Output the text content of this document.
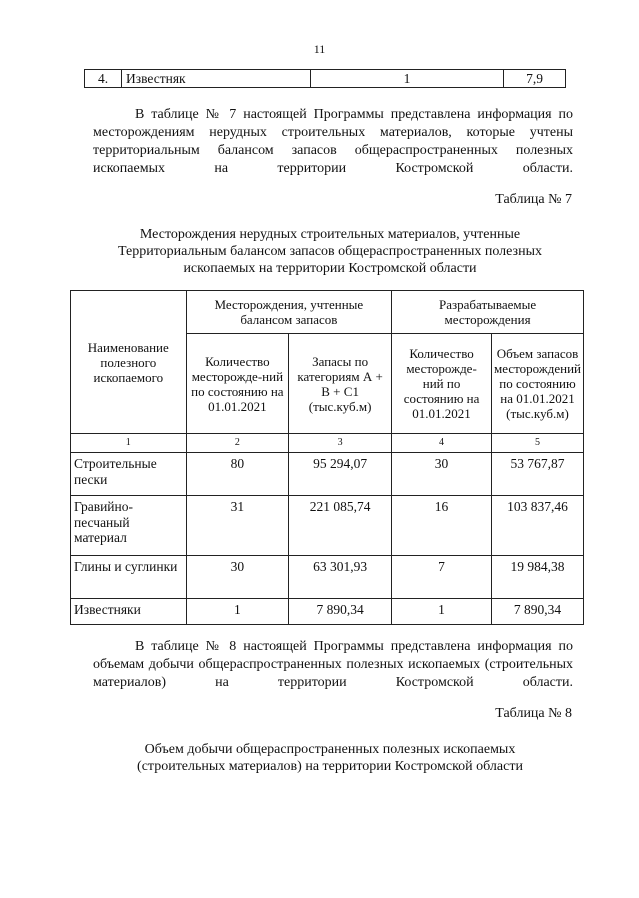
11
4.	Известняк	1	7,9
В таблице № 7 настоящей Программы представлена информация по месторождениям нерудных строительных материалов, которые учтены территориальным балансом запасов общераспространенных полезных ископаемых на территории Костромской области.
Таблица № 7
Месторождения нерудных строительных материалов, учтенные
Территориальным балансом запасов общераспространенных полезных
ископаемых на территории Костромской области
Наименование полезного ископаемого	Месторождения, учтенные балансом запасов		Разрабатываемые месторождения	
	Количество месторожде-ний по состоянию на 01.01.2021	Запасы по категориям А + В + С1 (тыс.куб.м)	Количество месторожде-ний по состоянию на 01.01.2021	Объем запасов месторождений по состоянию на 01.01.2021 (тыс.куб.м)
1	2	3	4	5
Строительные пески	80	95 294,07	30	53 767,87
Гравийно-песчаный материал	31	221 085,74	16	103 837,46
Глины и суглинки	30	63 301,93	7	19 984,38
Известняки	1	7 890,34	1	7 890,34
В таблице № 8 настоящей Программы представлена информация по объемам добычи общераспространенных полезных ископаемых (строительных материалов) на территории Костромской области.
Таблица № 8
Объем добычи общераспространенных полезных ископаемых
(строительных материалов) на территории Костромской области
